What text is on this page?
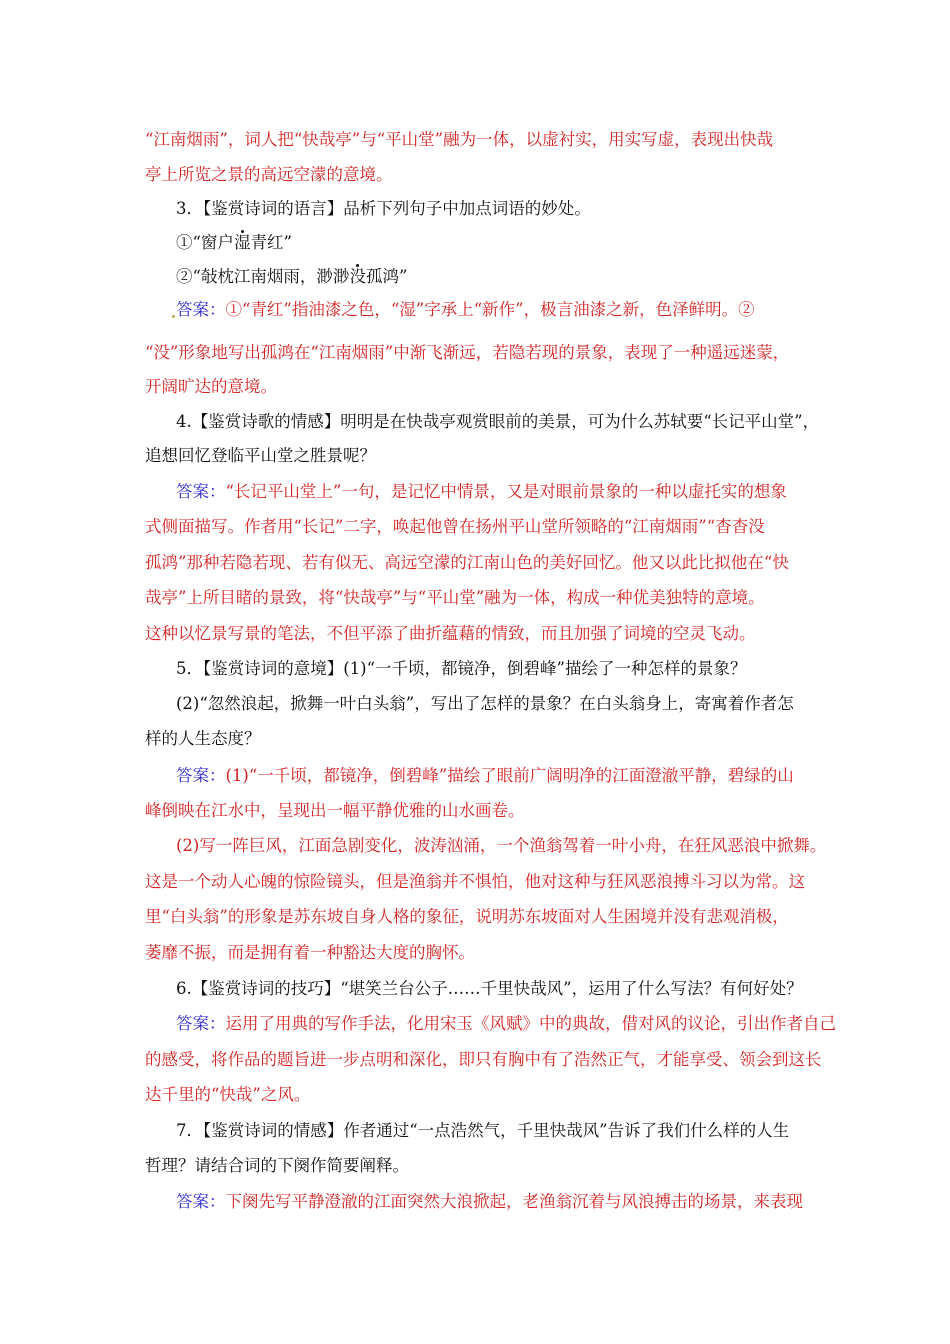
“江南烟雨”，词人把“快哉亭”与“平山堂”融为一体，以虚衬实，用实写虚，表现出快哉
亭上所览之景的高远空濛的意境。
3．【鉴赏诗词的语言】品析下列句子中加点词语的妙处。
①“窗户
湿青红”
②“敧枕江南烟雨，渺渺
没孤鸿”
答案：①“青红”指油漆之色，“湿”字承上“新作”，极言油漆之新，色泽鲜明。②
“没”形象地写出孤鸿在“江南烟雨”中渐飞渐远，若隐若现的景象，表现了一种遥远迷蒙，
开阔旷达的意境。
4.【鉴赏诗歌的情感】明明是在快哉亭观赏眼前的美景，可为什么苏轼要“长记平山堂”，
追想回忆登临平山堂之胜景呢？
答案：“长记平山堂上”一句，是记忆中情景，又是对眼前景象的一种以虚托实的想象
式侧面描写。作者用“长记”二字，唤起他曾在扬州平山堂所领略的“江南烟雨”“杳杳没
孤鸿”那种若隐若现、若有似无、高远空濛的江南山色的美好回忆。他又以此比拟他在“快
哉亭”上所目睹的景致，将“快哉亭”与“平山堂”融为一体，构成一种优美独特的意境。
这种以忆景写景的笔法，不但平添了曲折蕴藉的情致，而且加强了词境的空灵飞动。
5．【鉴赏诗词的意境】(1)“一千顷，都镜净，倒碧峰”描绘了一种怎样的景象？
(2)“忽然浪起，掀舞一叶白头翁”，写出了怎样的景象？在白头翁身上，寄寓着作者怎
样的人生态度？
答案：(1)“一千顷，都镜净，倒碧峰”描绘了眼前广阔明净的江面澄澈平静，碧绿的山
峰倒映在江水中，呈现出一幅平静优雅的山水画卷。
(2)写一阵巨风，江面急剧变化，波涛汹涌，一个渔翁驾着一叶小舟，在狂风恶浪中掀舞。
这是一个动人心魄的惊险镜头，但是渔翁并不惧怕，他对这种与狂风恶浪搏斗习以为常。这
里“白头翁”的形象是苏东坡自身人格的象征，说明苏东坡面对人生困境并没有悲观消极，
萎靡不振，而是拥有着一种豁达大度的胸怀。
6.【鉴赏诗词的技巧】“堪笑兰台公子……千里快哉风”，运用了什么写法？有何好处？
答案：运用了用典的写作手法，化用宋玉《风赋》中的典故，借对风的议论，引出作者自己
的感受，将作品的题旨进一步点明和深化，即只有胸中有了浩然正气，才能享受、领会到这长
达千里的“快哉”之风。
7．【鉴赏诗词的情感】作者通过“一点浩然气，千里快哉风”告诉了我们什么样的人生
哲理？请结合词的下阕作简要阐释。
答案：下阕先写平静澄澈的江面突然大浪掀起，老渔翁沉着与风浪搏击的场景，来表现
